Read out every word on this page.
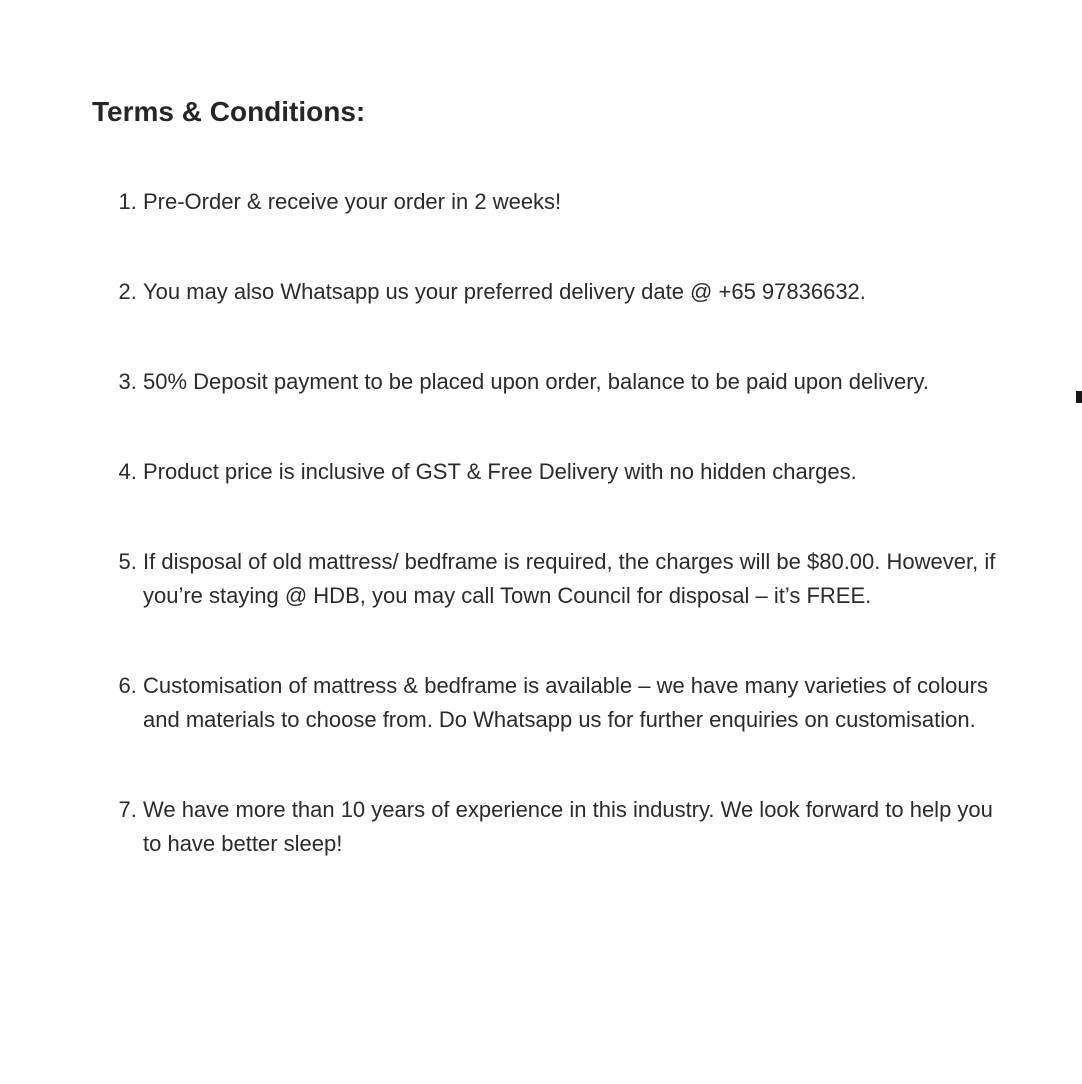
Terms & Conditions:
1. Pre-Order & receive your order in 2 weeks!
2. You may also Whatsapp us your preferred delivery date @ +65 97836632.
3. 50% Deposit payment to be placed upon order, balance to be paid upon delivery.
4. Product price is inclusive of GST & Free Delivery with no hidden charges.
5. If disposal of old mattress/ bedframe is required, the charges will be $80.00. However, if you’re staying @ HDB, you may call Town Council for disposal – it’s FREE.
6. Customisation of mattress & bedframe is available – we have many varieties of colours and materials to choose from. Do Whatsapp us for further enquiries on customisation.
7. We have more than 10 years of experience in this industry. We look forward to help you to have better sleep!
